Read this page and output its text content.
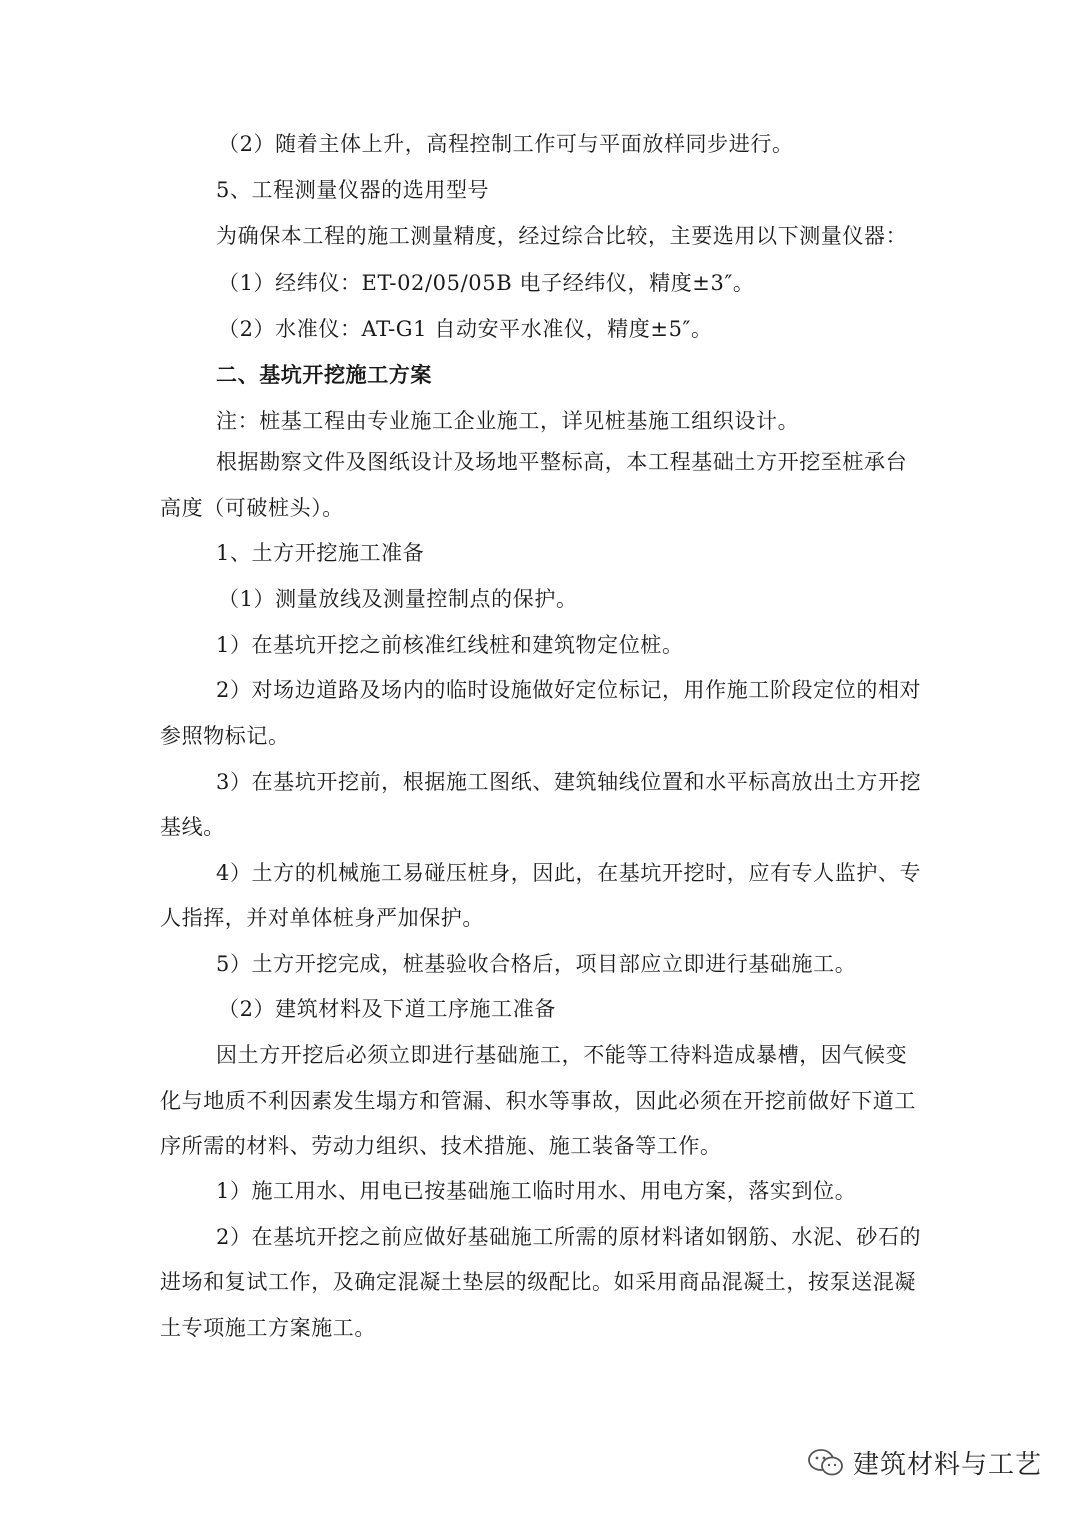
（2）随着主体上升，高程控制工作可与平面放样同步进行。
5、工程测量仪器的选用型号
为确保本工程的施工测量精度，经过综合比较，主要选用以下测量仪器：
（1）经纬仪：ET-02/05/05B 电子经纬仪，精度±3″。
（2）水准仪：AT-G1 自动安平水准仪，精度±5″。
二、基坑开挖施工方案
注：桩基工程由专业施工企业施工，详见桩基施工组织设计。
根据勘察文件及图纸设计及场地平整标高，本工程基础土方开挖至桩承台
高度（可破桩头）。
1、土方开挖施工准备
（1）测量放线及测量控制点的保护。
1）在基坑开挖之前核准红线桩和建筑物定位桩。
2）对场边道路及场内的临时设施做好定位标记，用作施工阶段定位的相对
参照物标记。
3）在基坑开挖前，根据施工图纸、建筑轴线位置和水平标高放出土方开挖
基线。
4）土方的机械施工易碰压桩身，因此，在基坑开挖时，应有专人监护、专
人指挥，并对单体桩身严加保护。
5）土方开挖完成，桩基验收合格后，项目部应立即进行基础施工。
（2）建筑材料及下道工序施工准备
因土方开挖后必须立即进行基础施工，不能等工待料造成暴槽，因气候变
化与地质不利因素发生塌方和管漏、积水等事故，因此必须在开挖前做好下道工
序所需的材料、劳动力组织、技术措施、施工装备等工作。
1）施工用水、用电已按基础施工临时用水、用电方案，落实到位。
2）在基坑开挖之前应做好基础施工所需的原材料诸如钢筋、水泥、砂石的
进场和复试工作，及确定混凝土垫层的级配比。如采用商品混凝土，按泵送混凝
土专项施工方案施工。
建筑材料与工艺
